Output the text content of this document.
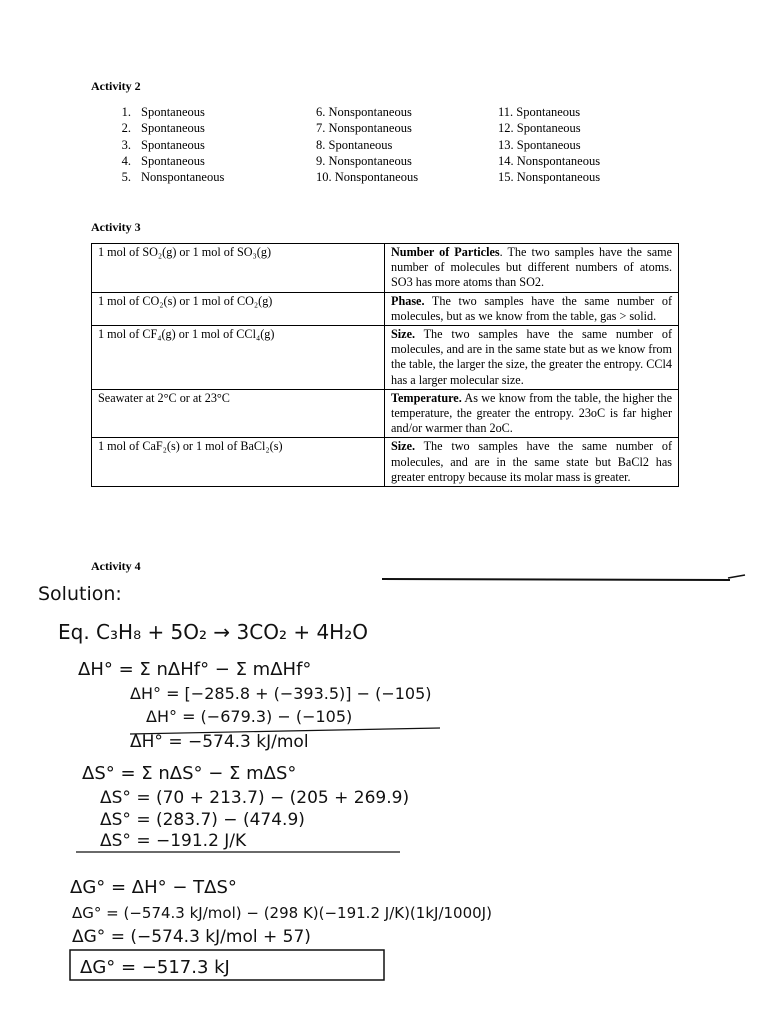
Activity 2
1. Spontaneous
2. Spontaneous
3. Spontaneous
4. Spontaneous
5. Nonspontaneous
6. Nonspontaneous
7. Nonspontaneous
8. Spontaneous
9. Nonspontaneous
10. Nonspontaneous
11. Spontaneous
12. Spontaneous
13. Spontaneous
14. Nonspontaneous
15. Nonspontaneous
Activity 3
1 mol of SO₂(g) or 1 mol of SO₃(g)	Number of Particles. The two samples have the same number of molecules but different numbers of atoms. SO3 has more atoms than SO2.
1 mol of CO₂(s) or 1 mol of CO₂(g)	Phase. The two samples have the same number of molecules, but as we know from the table, gas > solid.
1 mol of CF₄(g) or 1 mol of CCl₄(g)	Size. The two samples have the same number of molecules, and are in the same state but as we know from the table, the larger the size, the greater the entropy. CCl4 has a larger molecular size.
Seawater at 2°C or at 23°C	Temperature. As we know from the table, the higher the temperature, the greater the entropy. 23oC is far higher and/or warmer than 2oC.
1 mol of CaF₂(s) or 1 mol of BaCl₂(s)	Size. The two samples have the same number of molecules, and are in the same state but BaCl2 has greater entropy because its molar mass is greater.
Activity 4
Solution:
Eq. C₃H₈ + 5O₂ → 3CO₂ + 4H₂O
ΔH° = Σ nΔHf° − Σ mΔHf°
ΔH° = [−285.8 + (−393.5)] − (−105)
ΔH° = (−679.3) − (−105)
ΔH° = −574.3 kJ/mol
ΔS° = Σ nΔS° − Σ mΔS°
ΔS° = (70 + 213.7) − (205 + 269.9)
ΔS° = (283.7) − (474.9)
ΔS° = −191.2 J/K
ΔG° = ΔH° − TΔS°
ΔG° = (−574.3 kJ/mol) − (298 K)(−191.2 J/K)(1kJ/1000J)
ΔG° = (−574.3 kJ/mol + 57)
ΔG° = −517.3 kJ
